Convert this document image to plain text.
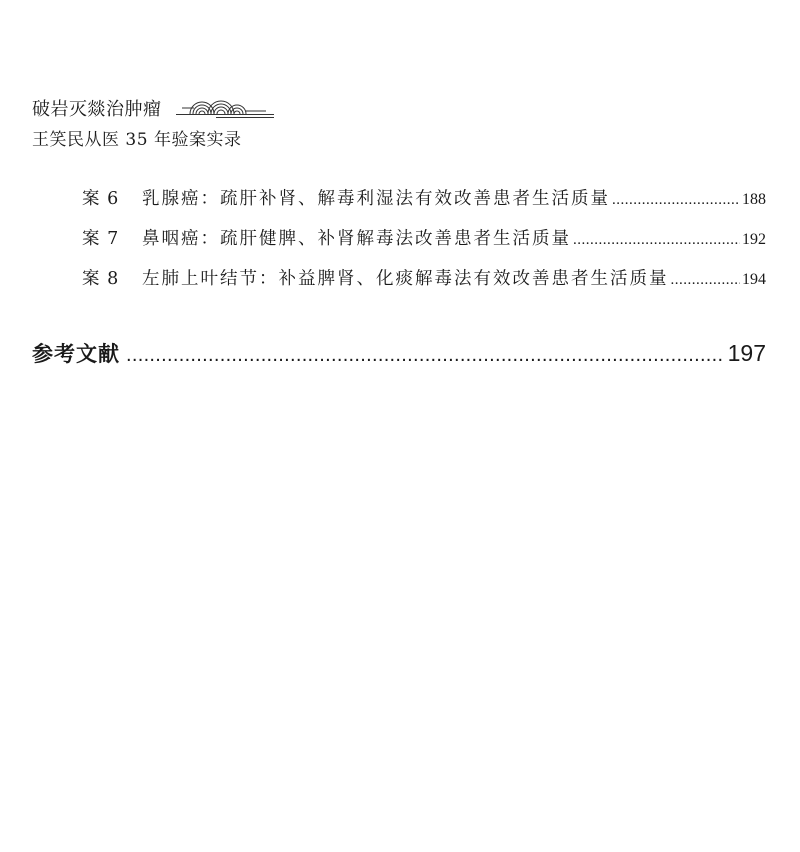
破岩灭燚治肿瘤
王笑民从医 35 年验案实录
案 6	乳腺癌：疏肝补肾、解毒利湿法有效改善患者生活质量 .....	188
案 7	鼻咽癌：疏肝健脾、补肾解毒法改善患者生活质量 .....	192
案 8	左肺上叶结节：补益脾肾、化痰解毒法有效改善患者生活质量 .....	194
参考文献 .....	197
